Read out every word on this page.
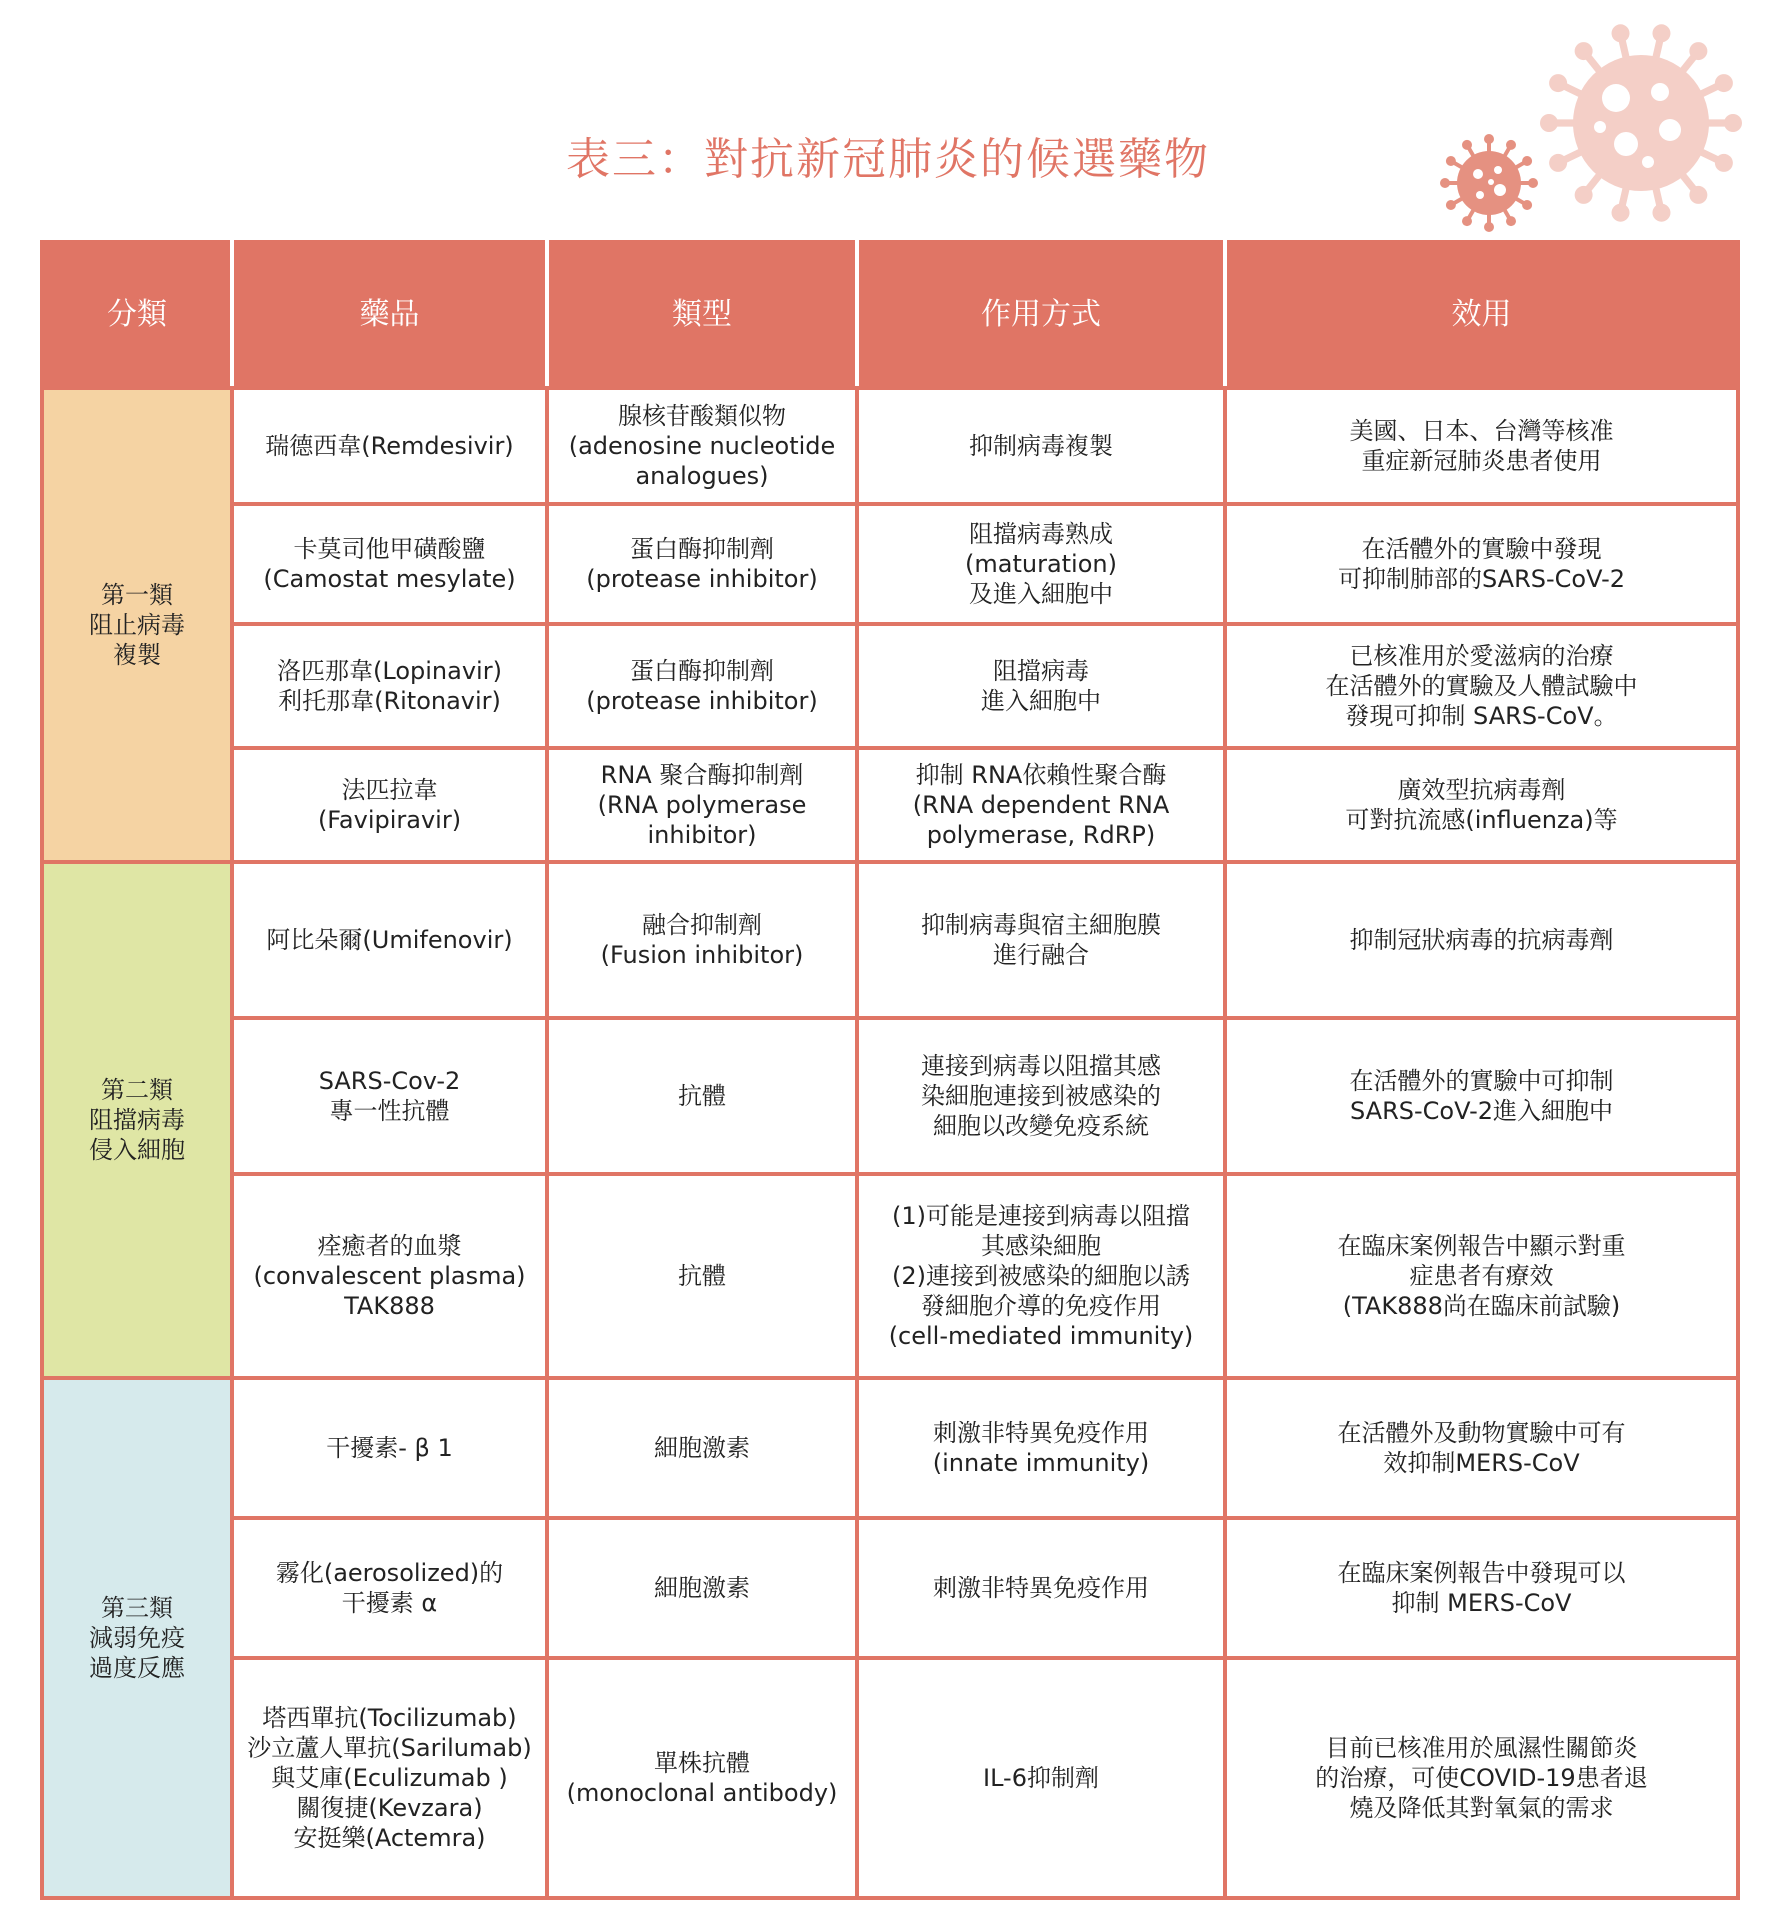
表三：對抗新冠肺炎的候選藥物
分類	藥品	類型	作用方式	效用
第一類
阻止病毒
複製	瑞德西韋(Remdesivir)	腺核苷酸類似物
(adenosine nucleotide
analogues)	抑制病毒複製	美國、日本、台灣等核准
重症新冠肺炎患者使用
	卡莫司他甲磺酸鹽
(Camostat mesylate)	蛋白酶抑制劑
(protease inhibitor)	阻擋病毒熟成
(maturation)
及進入細胞中	在活體外的實驗中發現
可抑制肺部的SARS-CoV-2
	洛匹那韋(Lopinavir)
利托那韋(Ritonavir)	蛋白酶抑制劑
(protease inhibitor)	阻擋病毒
進入細胞中	已核准用於愛滋病的治療
在活體外的實驗及人體試驗中
發現可抑制 SARS-CoV。
	法匹拉韋
(Favipiravir)	RNA 聚合酶抑制劑
(RNA polymerase inhibitor)	抑制 RNA依賴性聚合酶
(RNA dependent RNA
polymerase, RdRP)	廣效型抗病毒劑
可對抗流感(influenza)等
第二類
阻擋病毒
侵入細胞	阿比朵爾(Umifenovir)	融合抑制劑
(Fusion inhibitor)	抑制病毒與宿主細胞膜
進行融合	抑制冠狀病毒的抗病毒劑
	SARS-Cov-2
專一性抗體	抗體	連接到病毒以阻擋其感
染細胞連接到被感染的
細胞以改變免疫系統	在活體外的實驗中可抑制
SARS-CoV-2進入細胞中
	痊癒者的血漿
(convalescent plasma)
TAK888	抗體	(1)可能是連接到病毒以阻擋
其感染細胞
(2)連接到被感染的細胞以誘
發細胞介導的免疫作用
(cell-mediated immunity)	在臨床案例報告中顯示對重
症患者有療效
(TAK888尚在臨床前試驗)
第三類
減弱免疫
過度反應	干擾素- β 1	細胞激素	刺激非特異免疫作用
(innate immunity)	在活體外及動物實驗中可有
效抑制MERS-CoV
	霧化(aerosolized)的
干擾素 α	細胞激素	刺激非特異免疫作用	在臨床案例報告中發現可以
抑制 MERS-CoV
	塔西單抗(Tocilizumab)
沙立蘆人單抗(Sarilumab)
與艾庫(Eculizumab )
關復捷(Kevzara)
安挺樂(Actemra)	單株抗體
(monoclonal antibody)	IL-6抑制劑	目前已核准用於風濕性關節炎
的治療，可使COVID-19患者退
燒及降低其對氧氣的需求
